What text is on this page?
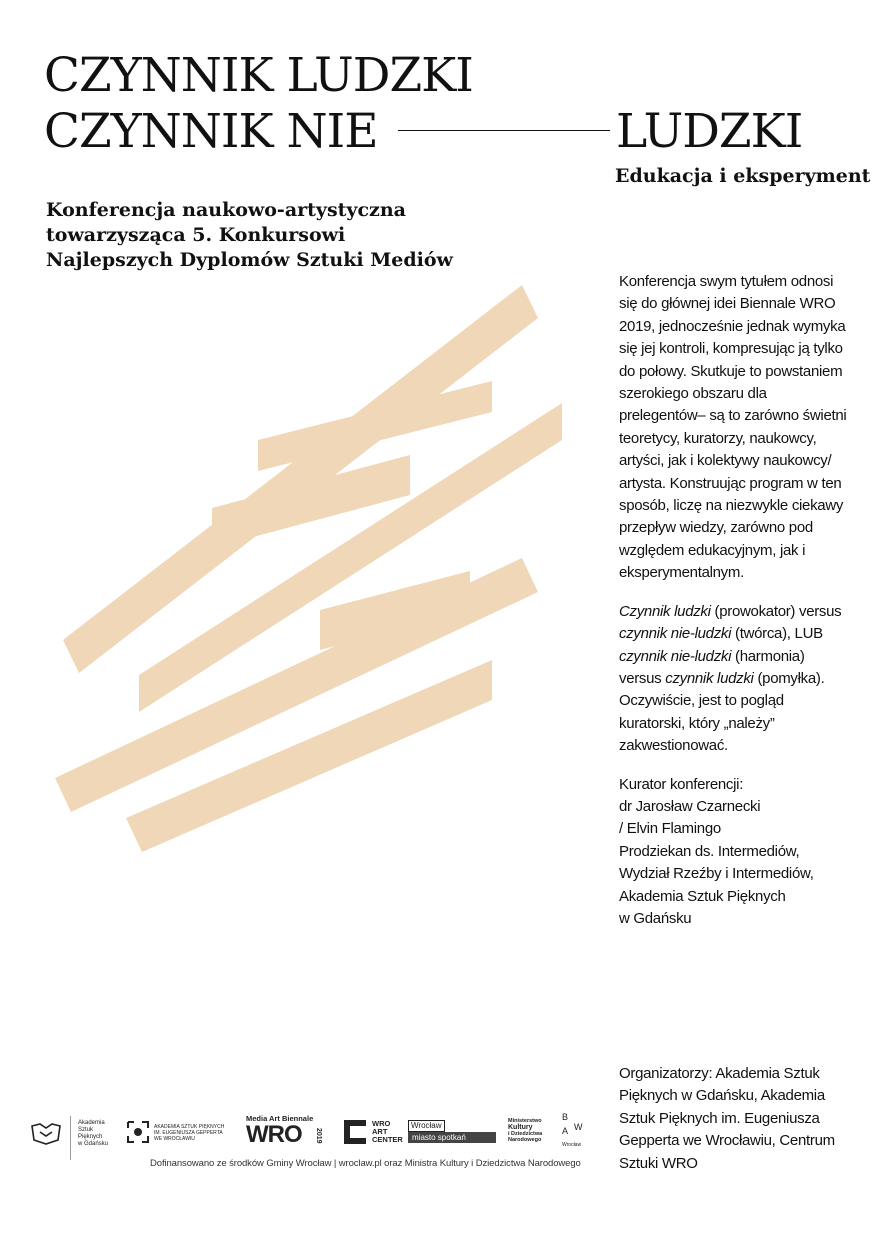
CZYNNIK LUDZKI
CZYNNIK NIE	LUDZKI
Edukacja i eksperyment
Konferencja naukowo-artystyczna
towarzysząca 5. Konkursowi
Najlepszych Dyplomów Sztuki Mediów

Konferencja swym tytułem odnosi się do głównej idei Biennale WRO 2019, jednocześnie jednak wymyka się jej kontroli, kompresując ją tylko do połowy. Skutkuje to powstaniem szerokiego obszaru dla prelegentów– są to zarówno świetni teoretycy, kuratorzy, naukowcy, artyści, jak i kolektywy naukowcy/ artysta. Konstruując program w ten sposób, liczę na niezwykle ciekawy przepływ wiedzy, zarówno pod względem edukacyjnym, jak i eksperymentalnym.

Czynnik ludzki (prowokator) versus czynnik nie-ludzki (twórca), LUB czynnik nie-ludzki (harmonia) versus czynnik ludzki (pomyłka). Oczywiście, jest to pogląd kuratorski, który „należy” zakwestionować.

Kurator konferencji:
dr Jarosław Czarnecki
/ Elvin Flamingo
Prodziekan ds. Intermediów,
Wydział Rzeźby i Intermediów,
Akademia Sztuk Pięknych
w Gdańsku
Organizatorzy: Akademia Sztuk Pięknych w Gdańsku, Akademia Sztuk Pięknych im. Eugeniusza Gepperta we Wrocławiu, Centrum Sztuki WRO
Akademia
Sztuk
Pięknych
w Gdańsku
AKADEMIA SZTUK PIĘKNYCH
IM. EUGENIUSZA GEPPERTA
WE WROCŁAWIU
Media Art Biennale
WRO 2019
WRO
ART
CENTER
Wrocław
miasto spotkań
Ministerstwo
Kultury
i Dziedzictwa
Narodowego
B
A W
Wrocław
Dofinansowano ze środków Gminy Wrocław | wroclaw.pl oraz Ministra Kultury i Dziedzictwa Narodowego
